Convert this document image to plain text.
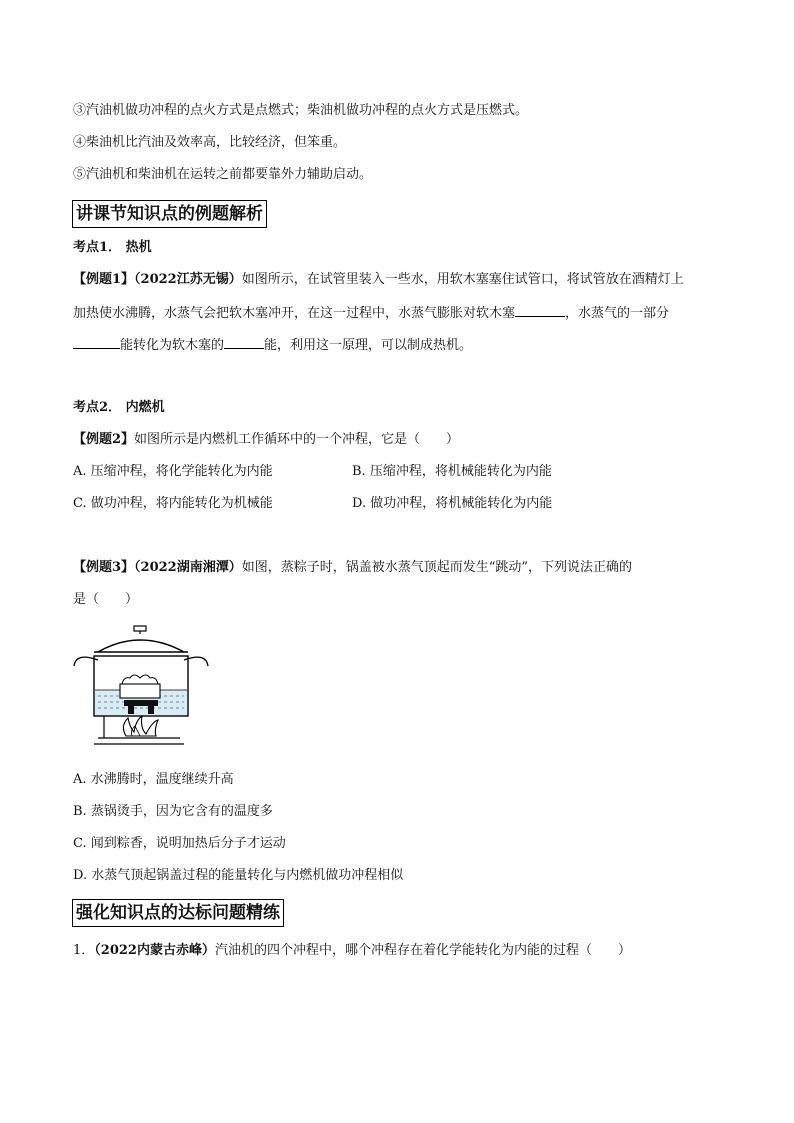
③汽油机做功冲程的点火方式是点燃式；柴油机做功冲程的点火方式是压燃式。
④柴油机比汽油及效率高，比较经济，但笨重。
⑤汽油机和柴油机在运转之前都要靠外力辅助启动。
讲课节知识点的例题解析
考点1． 热机
【例题1】（2022江苏无锡）如图所示，在试管里装入一些水，用软木塞塞住试管口，将试管放在酒精灯上
加热使水沸腾，水蒸气会把软木塞冲开，在这一过程中，水蒸气膨胀对软木塞	，水蒸气的一部分
能转化为软木塞的	能，利用这一原理，可以制成热机。
考点2． 内燃机
【例题2】如图所示是内燃机工作循环中的一个冲程，它是（　　）
A. 压缩冲程，将化学能转化为内能	B. 压缩冲程，将机械能转化为内能
C. 做功冲程，将内能转化为机械能	D. 做功冲程，将机械能转化为内能
【例题3】（2022湖南湘潭）如图，蒸粽子时，锅盖被水蒸气顶起而发生“跳动”，下列说法正确的
是（　　）
A. 水沸腾时，温度继续升高
B. 蒸锅烫手，因为它含有的温度多
C. 闻到粽香，说明加热后分子才运动
D. 水蒸气顶起锅盖过程的能量转化与内燃机做功冲程相似
强化知识点的达标问题精练
1．（2022内蒙古赤峰）汽油机的四个冲程中，哪个冲程存在着化学能转化为内能的过程（　　）
